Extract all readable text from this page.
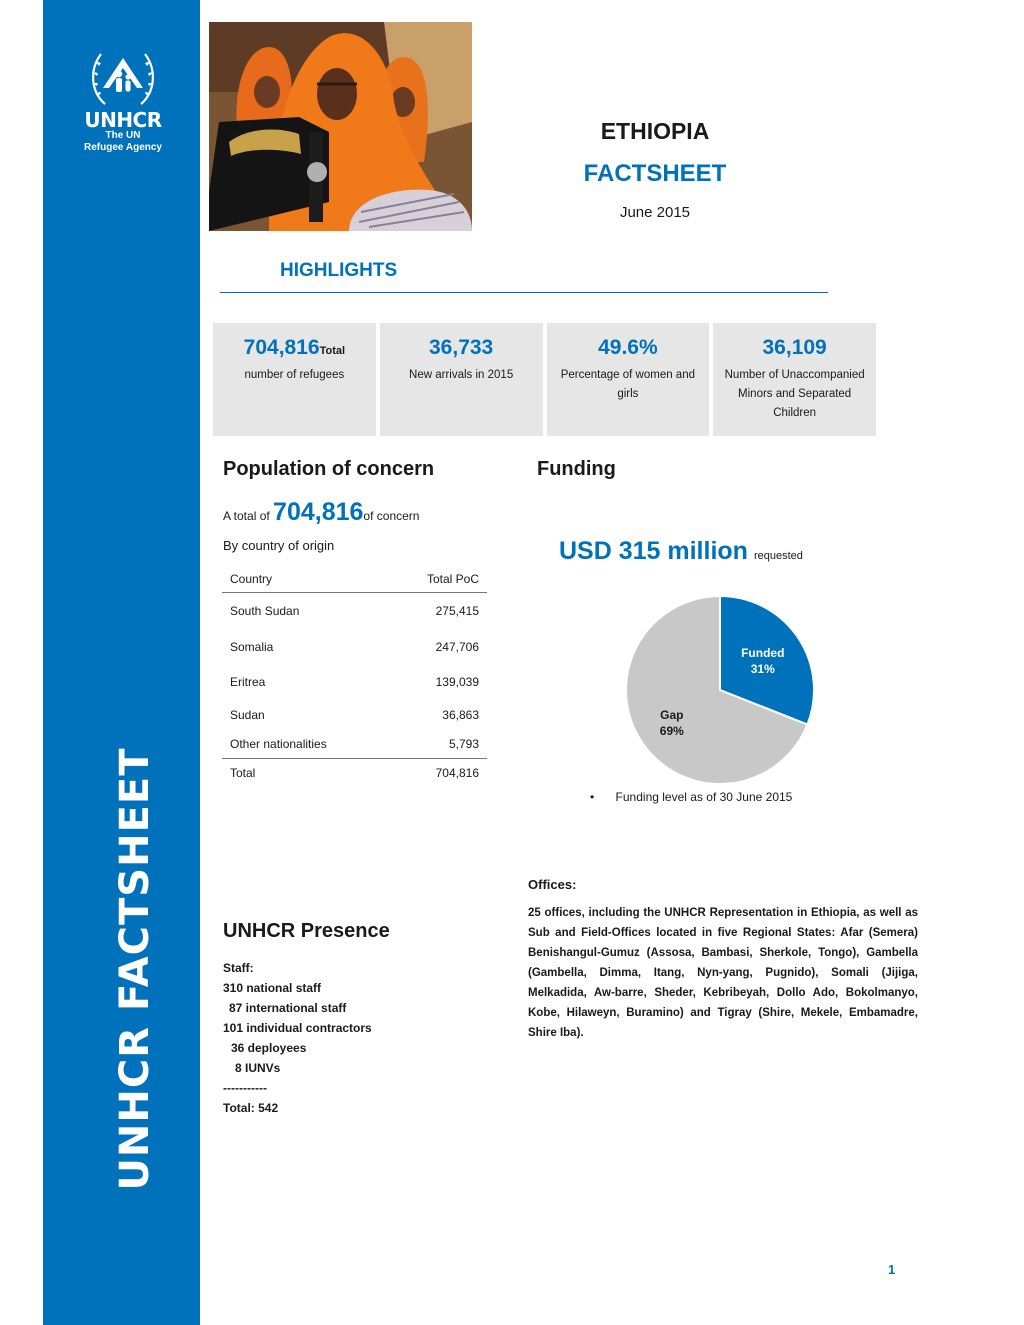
UNHCR
The UN
Refugee Agency
UNHCR FACTSHEET
ETHIOPIA
FACTSHEET
June 2015
HIGHLIGHTS
704,816Total
number of refugees
36,733
New arrivals in 2015
49.6%
Percentage of women and girls
36,109
Number of Unaccompanied Minors and Separated Children
Population of concern
A total of 704,816of concern
By country of origin
Country	Total PoC
South Sudan	275,415
Somalia	247,706
Eritrea	139,039
Sudan	36,863
Other nationalities	5,793
Total	704,816
Funding
USD 315 million requested
Funded
31%
Gap
69%
• Funding level as of 30 June 2015
UNHCR Presence
Staff:
310 national staff
87 international staff
101 individual contractors
36 deployees
8 IUNVs
-----------
Total: 542
Offices:
25 offices, including the UNHCR Representation in Ethiopia, as well as Sub and Field-Offices located in five Regional States: Afar (Semera) Benishangul-Gumuz (Assosa, Bambasi, Sherkole, Tongo), Gambella (Gambella, Dimma, Itang, Nyn-yang, Pugnido), Somali (Jijiga, Melkadida, Aw-barre, Sheder, Kebribeyah, Dollo Ado, Bokolmanyo, Kobe, Hilaweyn, Buramino) and Tigray (Shire, Mekele, Embamadre, Shire Iba).
1
